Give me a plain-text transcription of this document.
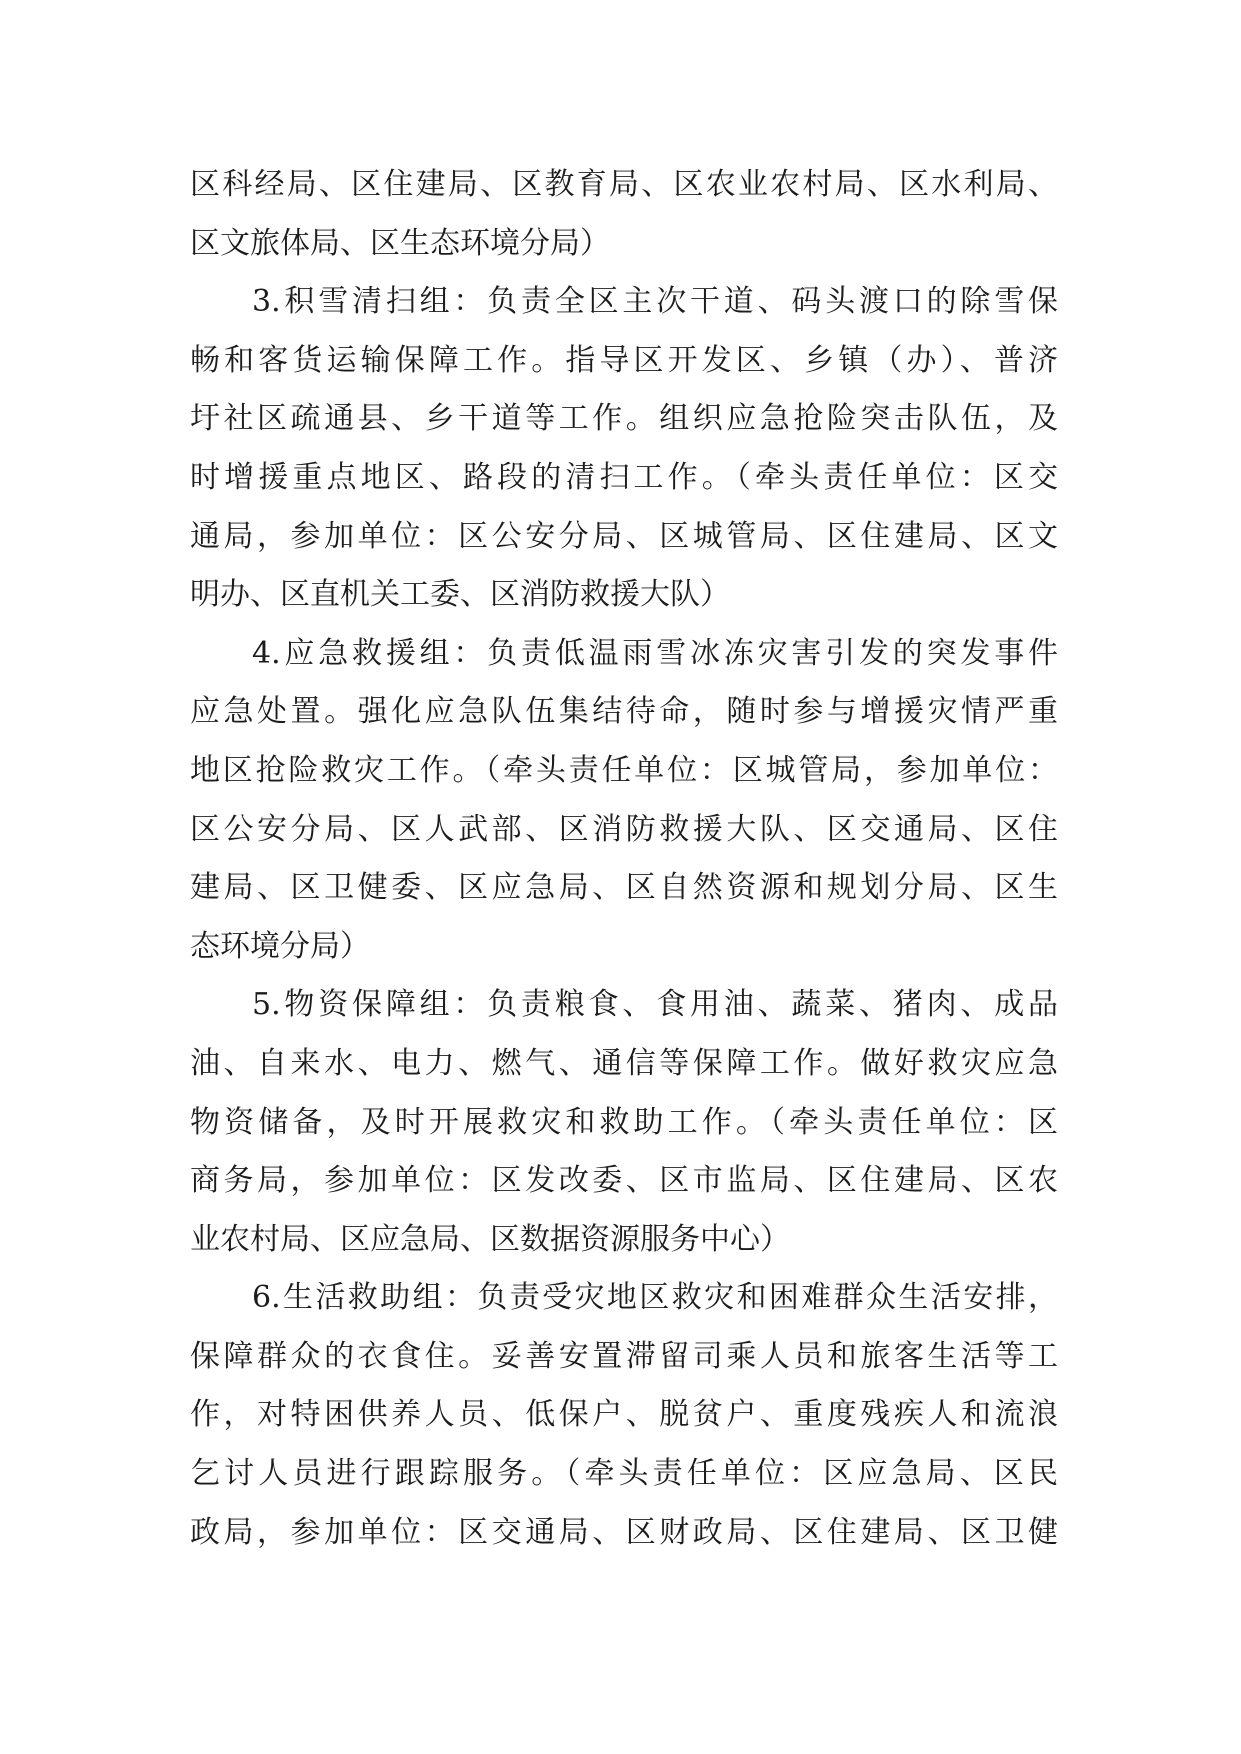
区科经局、区住建局、区教育局、区农业农村局、区水利局、
区文旅体局、区生态环境分局）
3.积雪清扫组：负责全区主次干道、码头渡口的除雪保
畅和客货运输保障工作。指导区开发区、乡镇（办）、普济
圩社区疏通县、乡干道等工作。组织应急抢险突击队伍，及
时增援重点地区、路段的清扫工作。（牵头责任单位：区交
通局，参加单位：区公安分局、区城管局、区住建局、区文
明办、区直机关工委、区消防救援大队）
4.应急救援组：负责低温雨雪冰冻灾害引发的突发事件
应急处置。强化应急队伍集结待命，随时参与增援灾情严重
地区抢险救灾工作。（牵头责任单位：区城管局，参加单位：
区公安分局、区人武部、区消防救援大队、区交通局、区住
建局、区卫健委、区应急局、区自然资源和规划分局、区生
态环境分局）
5.物资保障组：负责粮食、食用油、蔬菜、猪肉、成品
油、自来水、电力、燃气、通信等保障工作。做好救灾应急
物资储备，及时开展救灾和救助工作。（牵头责任单位：区
商务局，参加单位：区发改委、区市监局、区住建局、区农
业农村局、区应急局、区数据资源服务中心）
6.生活救助组：负责受灾地区救灾和困难群众生活安排，
保障群众的衣食住。妥善安置滞留司乘人员和旅客生活等工
作，对特困供养人员、低保户、脱贫户、重度残疾人和流浪
乞讨人员进行跟踪服务。（牵头责任单位：区应急局、区民
政局，参加单位：区交通局、区财政局、区住建局、区卫健
